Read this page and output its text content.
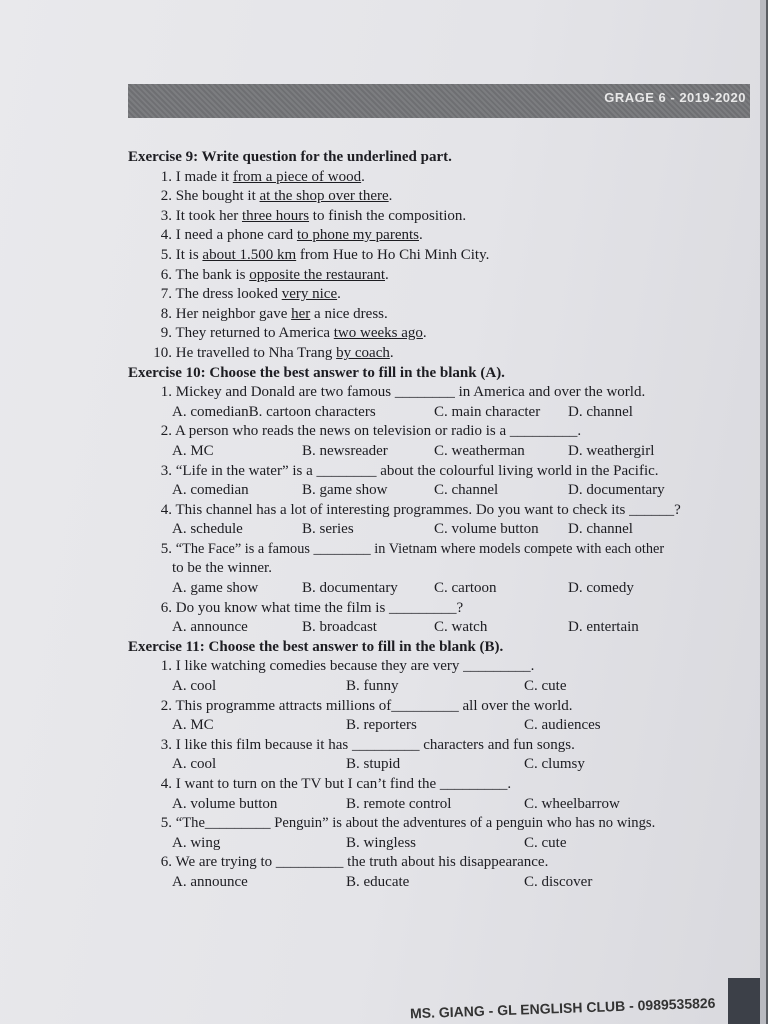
GRAGE 6 - 2019-2020
Exercise 9: Write question for the underlined part.
1. I made it from a piece of wood.
2. She bought it at the shop over there.
3. It took her three hours to finish the composition.
4. I need a phone card to phone my parents.
5. It is about 1.500 km from Hue to Ho Chi Minh City.
6. The bank is opposite the restaurant.
7. The dress looked very nice.
8. Her neighbor gave her a nice dress.
9. They returned to America two weeks ago.
10. He travelled to Nha Trang by coach.
Exercise 10: Choose the best answer to fill in the blank (A).
1. Mickey and Donald are two famous ________ in America and over the world.
A. comedianB. cartoon characters	C. main character D. channel
2. A person who reads the news on television or radio is a _________.
A. MC	B. newsreader	C. weatherman	D. weathergirl
3. “Life in the water” is a ________ about the colourful living world in the Pacific.
A. comedian	B. game show	C. channel	D. documentary
4. This channel has a lot of interesting programmes. Do you want to check its ______?
A. schedule	B. series	C. volume button D. channel
5. “The Face” is a famous ________ in Vietnam where models compete with each other
to be the winner.
A. game show	B. documentary C. cartoon	D. comedy
6. Do you know what time the film is _________?
A. announce	B. broadcast	C. watch	D. entertain
Exercise 11: Choose the best answer to fill in the blank (B).
1. I like watching comedies because they are very _________.
A. cool	B. funny	C. cute
2. This programme attracts millions of_________ all over the world.
A. MC	B. reporters	C. audiences
3. I like this film because it has _________ characters and fun songs.
A. cool	B. stupid	C. clumsy
4. I want to turn on the TV but I can’t find the _________.
A. volume button	B. remote control	C. wheelbarrow
5. “The_________ Penguin” is about the adventures of a penguin who has no wings.
A. wing	B. wingless	C. cute
6. We are trying to _________ the truth about his disappearance.
A. announce	B. educate	C. discover
MS. GIANG - GL ENGLISH CLUB - 0989535826
